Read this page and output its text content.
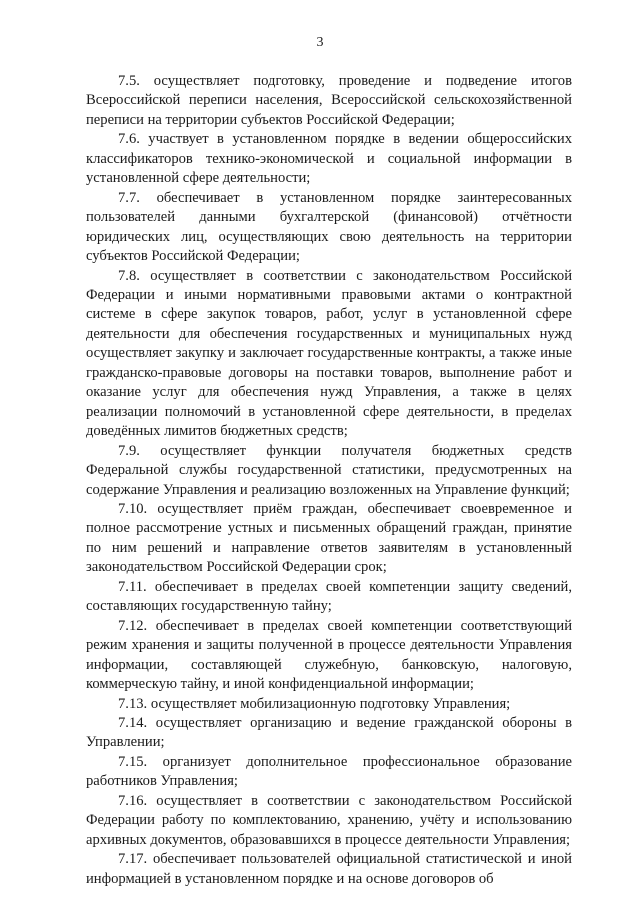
3

7.5. осуществляет подготовку, проведение и подведение итогов Всероссийской переписи населения, Всероссийской сельскохозяйственной переписи на территории субъектов Российской Федерации;

7.6. участвует в установленном порядке в ведении общероссийских классификаторов технико-экономической и социальной информации в установленной сфере деятельности;

7.7. обеспечивает в установленном порядке заинтересованных пользователей данными бухгалтерской (финансовой) отчётности юридических лиц, осуществляющих свою деятельность на территории субъектов Российской Федерации;

7.8. осуществляет в соответствии с законодательством Российской Федерации и иными нормативными правовыми актами о контрактной системе в сфере закупок товаров, работ, услуг в установленной сфере деятельности для обеспечения государственных и муниципальных нужд осуществляет закупку и заключает государственные контракты, а также иные гражданско-правовые договоры на поставки товаров, выполнение работ и оказание услуг для обеспечения нужд Управления, а также в целях реализации полномочий в установленной сфере деятельности, в пределах доведённых лимитов бюджетных средств;

7.9. осуществляет функции получателя бюджетных средств Федеральной службы государственной статистики, предусмотренных на содержание Управления и реализацию возложенных на Управление функций;

7.10. осуществляет приём граждан, обеспечивает своевременное и полное рассмотрение устных и письменных обращений граждан, принятие по ним решений и направление ответов заявителям в установленный законодательством Российской Федерации срок;

7.11. обеспечивает в пределах своей компетенции защиту сведений, составляющих государственную тайну;

7.12. обеспечивает в пределах своей компетенции соответствующий режим хранения и защиты полученной в процессе деятельности Управления информации, составляющей служебную, банковскую, налоговую, коммерческую тайну, и иной конфиденциальной информации;

7.13. осуществляет мобилизационную подготовку Управления;

7.14. осуществляет организацию и ведение гражданской обороны в Управлении;

7.15. организует дополнительное профессиональное образование работников Управления;

7.16. осуществляет в соответствии с законодательством Российской Федерации работу по комплектованию, хранению, учёту и использованию архивных документов, образовавшихся в процессе деятельности Управления;

7.17. обеспечивает пользователей официальной статистической и иной информацией в установленном порядке и на основе договоров об
